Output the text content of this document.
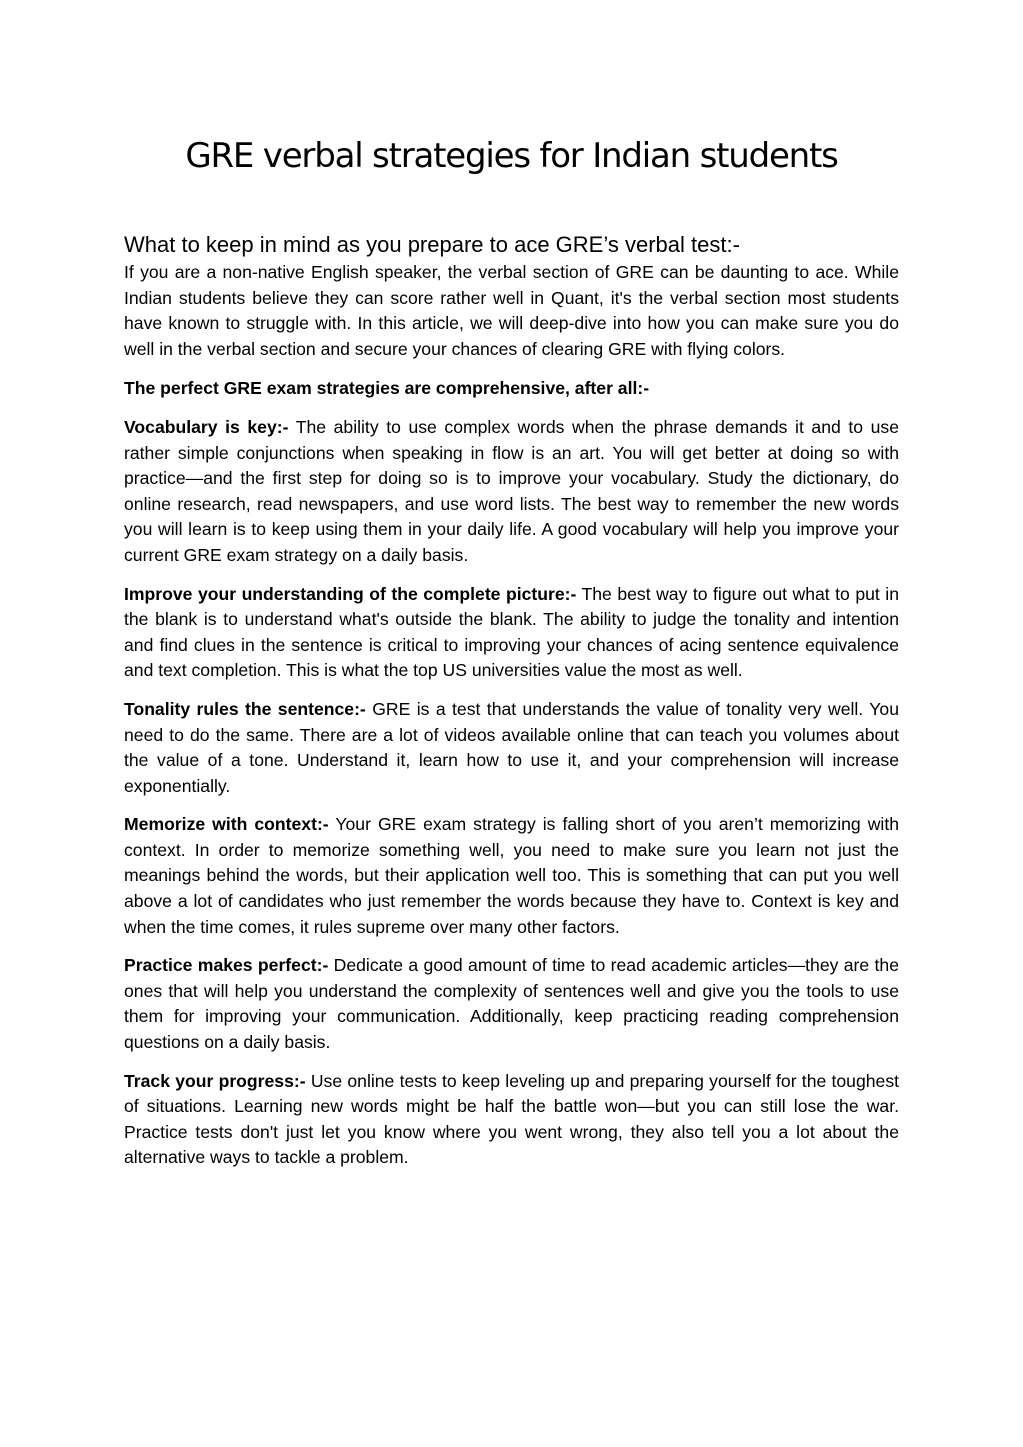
GRE verbal strategies for Indian students
What to keep in mind as you prepare to ace GRE’s verbal test:-

If you are a non-native English speaker, the verbal section of GRE can be daunting to ace. While Indian students believe they can score rather well in Quant, it's the verbal section most students have known to struggle with. In this article, we will deep-dive into how you can make sure you do well in the verbal section and secure your chances of clearing GRE with flying colors.

The perfect GRE exam strategies are comprehensive, after all:-

Vocabulary is key:- The ability to use complex words when the phrase demands it and to use rather simple conjunctions when speaking in flow is an art. You will get better at doing so with practice—and the first step for doing so is to improve your vocabulary. Study the dictionary, do online research, read newspapers, and use word lists. The best way to remember the new words you will learn is to keep using them in your daily life. A good vocabulary will help you improve your current GRE exam strategy on a daily basis.

Improve your understanding of the complete picture:- The best way to figure out what to put in the blank is to understand what's outside the blank. The ability to judge the tonality and intention and find clues in the sentence is critical to improving your chances of acing sentence equivalence and text completion. This is what the top US universities value the most as well.

Tonality rules the sentence:- GRE is a test that understands the value of tonality very well. You need to do the same. There are a lot of videos available online that can teach you volumes about the value of a tone. Understand it, learn how to use it, and your comprehension will increase exponentially.

Memorize with context:- Your GRE exam strategy is falling short of you aren’t memorizing with context. In order to memorize something well, you need to make sure you learn not just the meanings behind the words, but their application well too. This is something that can put you well above a lot of candidates who just remember the words because they have to. Context is key and when the time comes, it rules supreme over many other factors.

Practice makes perfect:- Dedicate a good amount of time to read academic articles—they are the ones that will help you understand the complexity of sentences well and give you the tools to use them for improving your communication. Additionally, keep practicing reading comprehension questions on a daily basis.

Track your progress:- Use online tests to keep leveling up and preparing yourself for the toughest of situations. Learning new words might be half the battle won—but you can still lose the war. Practice tests don't just let you know where you went wrong, they also tell you a lot about the alternative ways to tackle a problem.
